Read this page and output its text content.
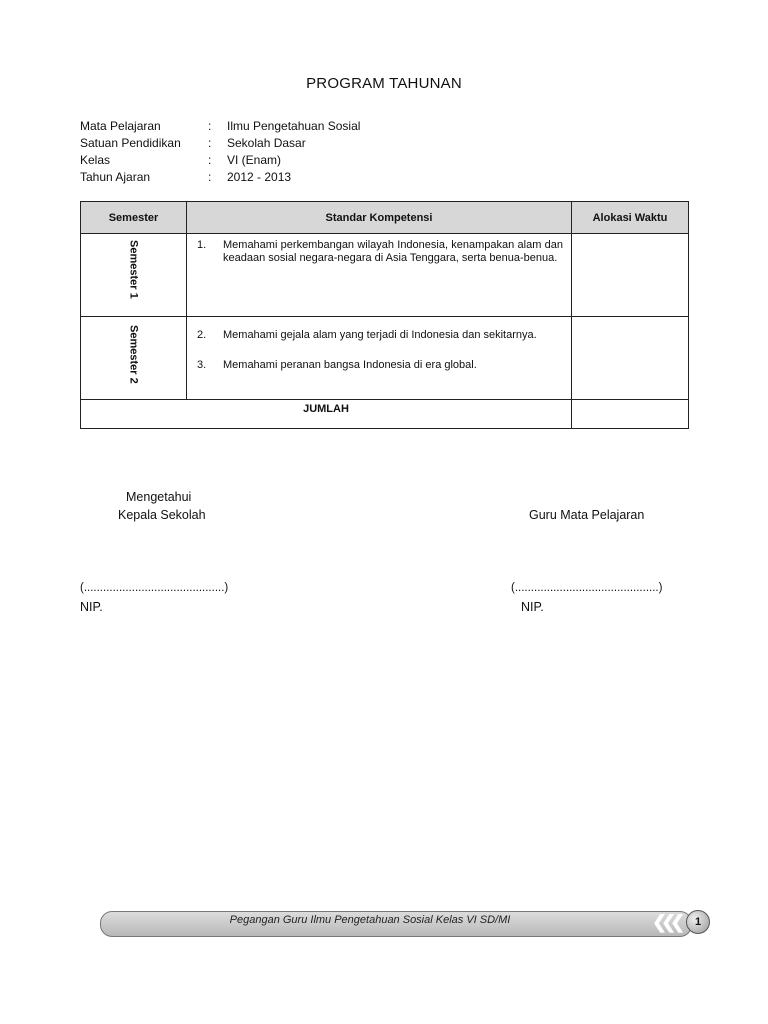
PROGRAM TAHUNAN
Mata Pelajaran	: Ilmu Pengetahuan Sosial
Satuan Pendidikan	: Sekolah Dasar
Kelas	: VI (Enam)
Tahun Ajaran	: 2012 - 2013
Semester	Standar Kompetensi	Alokasi Waktu

Semester 1	1. Memahami perkembangan wilayah Indonesia, kenampakan alam dan keadaan sosial negara-negara di Asia Tenggara, serta benua-benua.	

Semester 2	2. Memahami gejala alam yang terjadi di Indonesia dan sekitarnya.
3. Memahami peranan bangsa Indonesia di era global.	

JUMLAH		
Mengetahui
Kepala Sekolah	Guru Mata Pelajaran
(............................................)
NIP.
(.............................................)
NIP.
Pegangan Guru Ilmu Pengetahuan Sosial Kelas VI SD/MI	❮❮❮	1
